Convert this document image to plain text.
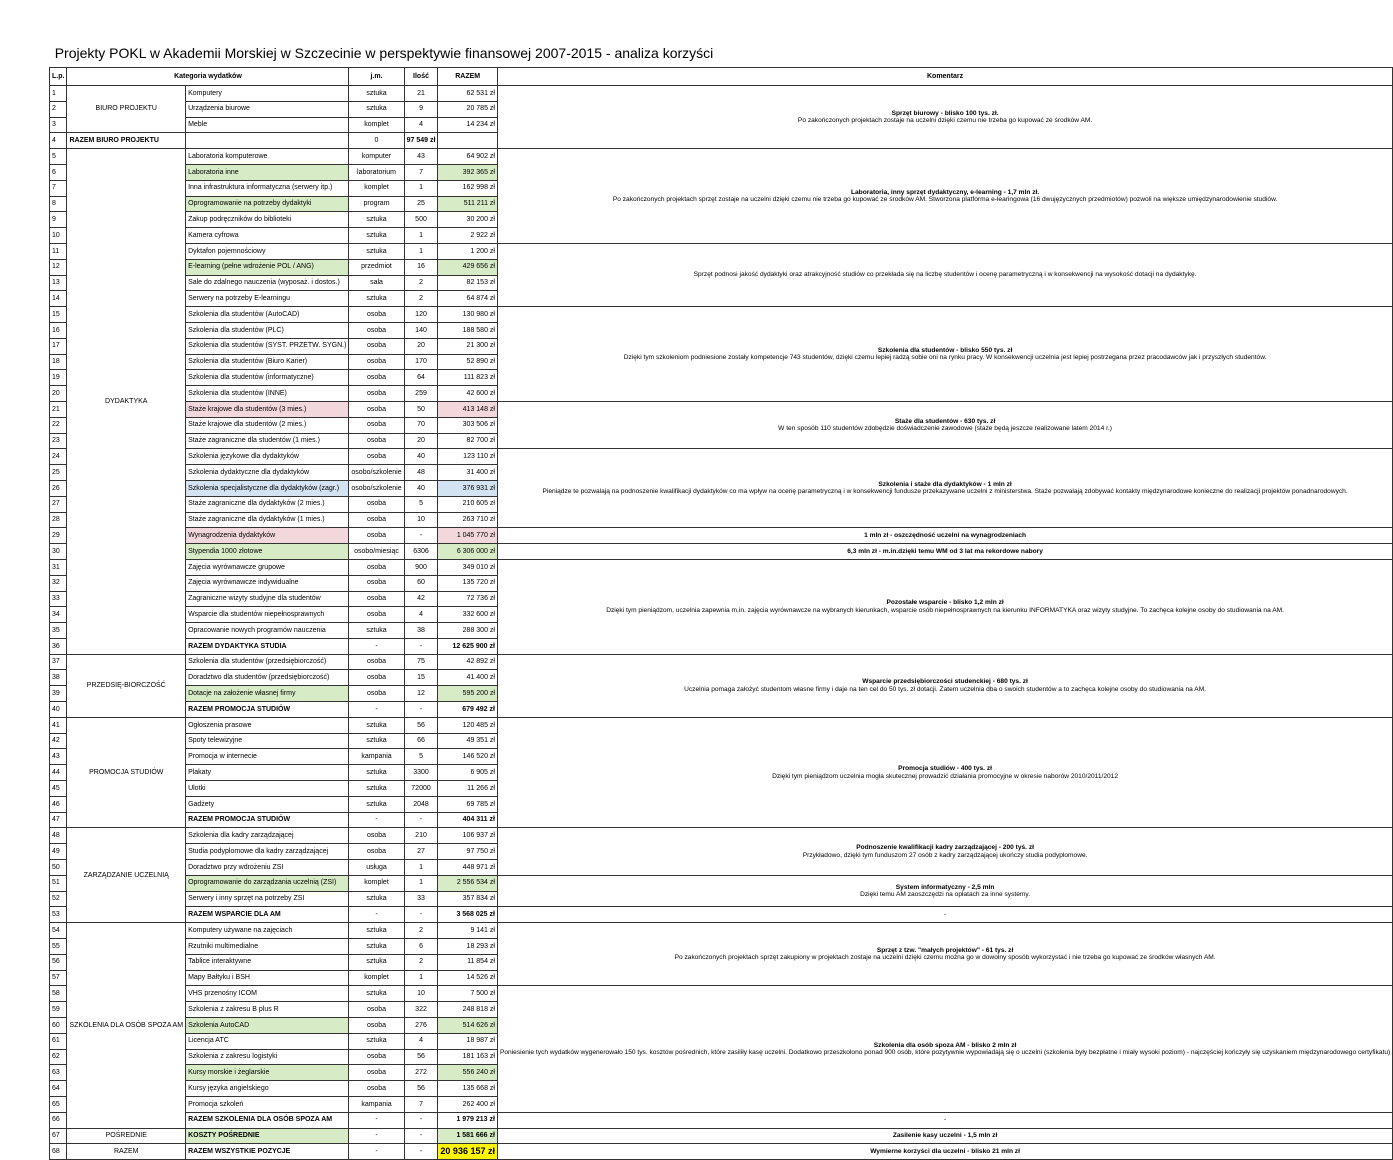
Projekty POKL w Akademii Morskiej w Szczecinie w perspektywie finansowej 2007-2015 - analiza korzyści
L.p.	Kategoria wydatków		j.m.	Ilość	RAZEM	Komentarz
1	BIURO PROJEKTU	Komputery	sztuka	21	62 531 zł	Sprzęt biurowy - blisko 100 tys. zł.
Po zakończonych projektach zostaje na uczelni dzięki czemu nie trzeba go kupować ze środków AM.
2		Urządzenia biurowe	sztuka	9	20 785 zł	
3		Meble	komplet	4	14 234 zł	
4	RAZEM BIURO PROJEKTU		0	97 549 zł		
5	DYDAKTYKA	Laboratoria komputerowe	komputer	43	64 902 zł	Laboratoria, inny sprzęt dydaktyczny, e-learning - 1,7 mln zł.
Po zakończonych projektach sprzęt zostaje na uczelni dzięki czemu nie trzeba go kupować ze środków AM. Stworzona platforma e-learingowa (16 dwujęzycznych przedmiotów) pozwoli na większe umiędzynarodowienie studiów.
6		Laboratoria inne	laboratorium	7	392 365 zł	
7		Inna infrastruktura informatyczna (serwery itp.)	komplet	1	162 998 zł	
8		Oprogramowanie na potrzeby dydaktyki	program	25	511 211 zł	
9		Zakup podręczników do biblioteki	sztuka	500	30 200 zł	
10		Kamera cyfrowa	sztuka	1	2 922 zł	
11		Dyktafon pojemnościowy	sztuka	1	1 200 zł	Sprzęt podnosi jakość dydaktyki oraz atrakcyjność studiów co przekłada się na liczbę studentów i ocenę parametryczną i w konsekwencji na wysokość dotacji na dydaktykę.
12		E-learning (pełne wdrożenie POL / ANG)	przedmiot	16	429 656 zł	
13		Sale do zdalnego nauczenia (wyposaż. i dostos.)	sala	2	82 153 zł	
14		Serwery na potrzeby E-learningu	sztuka	2	64 874 zł	
15		Szkolenia dla studentów (AutoCAD)	osoba	120	130 980 zł	Szkolenia dla studentów - blisko 550 tys. zł
Dzięki tym szkoleniom podniesione zostały kompetencje 743 studentów, dzięki czemu lepiej radzą sobie oni na rynku pracy. W konsekwencji uczelnia jest lepiej postrzegana przez pracodawców jak i przyszłych studentów.
16		Szkolenia dla studentów (PLC)	osoba	140	188 580 zł	
17		Szkolenia dla studentów (SYST. PRZETW. SYGN.)	osoba	20	21 300 zł	
18		Szkolenia dla studentów (Biuro Karier)	osoba	170	52 890 zł	
19		Szkolenia dla studentów (informatyczne)	osoba	64	111 823 zł	
20		Szkolenia dla studentów (INNE)	osoba	259	42 600 zł	
21		Staże krajowe dla studentów (3 mies.)	osoba	50	413 148 zł	Staże dla studentów - 630 tys. zł
W ten sposób 110 studentów zdobędzie doświadczenie zawodowe (staże będą jeszcze realizowane latem 2014 r.)
22		Staże krajowe dla studentów (2 mies.)	osoba	70	303 506 zł	
23		Staże zagraniczne dla studentów (1 mies.)	osoba	20	82 700 zł	
24		Szkolenia językowe dla dydaktyków	osoba	40	123 110 zł	Szkolenia i staże dla dydaktyków - 1 mln zł
Pieniądze te pozwalają na podnoszenie kwalifikacji dydaktyków co ma wpływ na ocenę parametryczną i w konsekwencji fundusze przekazywane uczelni z ministerstwa. Staże pozwalają zdobywać kontakty międzynarodowe konieczne do realizacji projektów ponadnarodowych.
25		Szkolenia dydaktyczne dla dydaktyków	osobo/szkolenie	48	31 400 zł	
26		Szkolenia specjalistyczne dla dydaktyków (zagr.)	osobo/szkolenie	40	376 931 zł	
27		Staże zagraniczne dla dydaktyków (2 mies.)	osoba	5	210 605 zł	
28		Staże zagraniczne dla dydaktyków (1 mies.)	osoba	10	263 710 zł	
29		Wynagrodzenia dydaktyków	osoba	-	1 045 770 zł	1 mln zł - oszczędność uczelni na wynagrodzeniach
30		Stypendia 1000 złotowe	osobo/miesiąc	6306	6 306 000 zł	6,3 mln zł - m.in.dzięki temu WM od 3 lat ma rekordowe nabory
31		Zajęcia wyrównawcze grupowe	osoba	900	349 010 zł	Pozostałe wsparcie - blisko 1,2 mln zł
Dzięki tym pieniądzom, uczelnia zapewnia m.in. zajęcia wyrównawcze na wybranych kierunkach, wsparcie osób niepełnosprawnych na kierunku INFORMATYKA oraz wizyty studyjne. To zachęca kolejne osoby do studiowania na AM.
32		Zajęcia wyrównawcze indywidualne	osoba	60	135 720 zł	
33		Zagraniczne wizyty studyjne dla studentów	osoba	42	72 736 zł	
34		Wsparcie dla studentów niepełnosprawnych	osoba	4	332 600 zł	
35		Opracowanie nowych programów nauczenia	sztuka	38	288 300 zł	
36		RAZEM DYDAKTYKA STUDIA	-	-	12 625 900 zł	
37	PRZEDSIĘ-BIORCZOŚĆ	Szkolenia dla studentów (przedsiębiorczość)	osoba	75	42 892 zł	Wsparcie przedsiębiorczości studenckiej - 680 tys. zł
Uczelnia pomaga założyć studentom własne firmy i daje na ten cel do 50 tys. zł dotacji. Zatem uczelnia dba o swoich studentów a to zachęca kolejne osoby do studiowania na AM.
38		Doradztwo dla studentów (przedsiębiorczość)	osoba	15	41 400 zł	
39		Dotacje na założenie własnej firmy	osoba	12	595 200 zł	
40		RAZEM PROMOCJA STUDIÓW	-	-	679 492 zł	
41	PROMOCJA STUDIÓW	Ogłoszenia prasowe	sztuka	56	120 485 zł	Promocja studiów - 400 tys. zł
Dzięki tym pieniądzom uczelnia mogła skutecznej prowadzić działania promocyjne w okresie naborów 2010/2011/2012
42		Spoty telewizyjne	sztuka	66	49 351 zł	
43		Promocja w internecie	kampania	5	146 520 zł	
44		Plakaty	sztuka	3300	6 905 zł	
45		Ulotki	sztuka	72000	11 266 zł	
46		Gadżety	sztuka	2048	69 785 zł	
47		RAZEM PROMOCJA STUDIÓW	-	-	404 311 zł	
48	ZARZĄDZANIE UCZELNIĄ	Szkolenia dla kadry zarządzającej	osoba	210	106 937 zł	Podnoszenie kwalifikacji kadry zarządzającej - 200 tyś. zł
Przykładowo, dzięki tym funduszom 27 osób z kadry zarządzającej ukończy studia podyplomowe.
49		Studia podyplomowe dla kadry zarządzającej	osoba	27	97 750 zł	
50		Doradztwo przy wdrożeniu ZSI	usługa	1	448 971 zł	
51		Oprogramowanie do zarządzania uczelnią (ZSI)	komplet	1	2 556 534 zł	System informatyczny - 2,5 mln
Dzięki temu AM zaoszczędzi na opłatach za inne systemy.
52		Serwery i inny sprzęt na potrzeby ZSI	sztuka	33	357 834 zł	
53		RAZEM WSPARCIE DLA AM	-	-	3 568 025 zł	-
54	SZKOLENIA DLA OSÓB SPOZA AM	Komputery używane na zajęciach	sztuka	2	9 141 zł	Sprzęt z tzw. "małych projektów" - 61 tys. zł
Po zakończonych projektach sprzęt zakupiony w projektach zostaje na uczelni dzięki czemu można go w dowolny sposób wykorzystać i nie trzeba go kupować ze środków własnych AM.
55		Rzutniki multimedialne	sztuka	6	18 293 zł	
56		Tablice interaktywne	sztuka	2	11 854 zł	
57		Mapy Bałtyku i BSH	komplet	1	14 526 zł	
58		VHS przenośny ICOM	sztuka	10	7 500 zł	Szkolenia dla osób spoza AM - blisko 2 mln zł
Poniesienie tych wydatków wygenerowało 150 tys. kosztów pośrednich, które zasiliły kasę uczelni. Dodatkowo przeszkolono ponad 900 osób, które pozytywnie wypowiadają się o uczelni (szkolenia były bezpłatne i miały wysoki poziom) - najczęściej kończyły się uzyskaniem międzynarodowego certyfikatu)
59		Szkolenia z zakresu B plus R	osoba	322	248 818 zł	
60		Szkolenia AutoCAD	osoba	276	514 626 zł	
61		Licencja ATC	sztuka	4	18 987 zł	
62		Szkolenia z zakresu logistyki	osoba	56	181 163 zł	
63		Kursy morskie i żeglarskie	osoba	272	556 240 zł	
64		Kursy języka angielskiego	osoba	56	135 668 zł	
65		Promocja szkoleń	kampania	7	262 400 zł	
66		RAZEM SZKOLENIA DLA OSÓB SPOZA AM	-	-	1 979 213 zł	-
67	POŚREDNIE	KOSZTY POŚREDNIE	-	-	1 581 666 zł	Zasilenie kasy uczelni - 1,5 mln zł
68	RAZEM	RAZEM WSZYSTKIE POZYCJE	-	-	20 936 157 zł	Wymierne korzyści dla uczelni - blisko 21 mln zł
